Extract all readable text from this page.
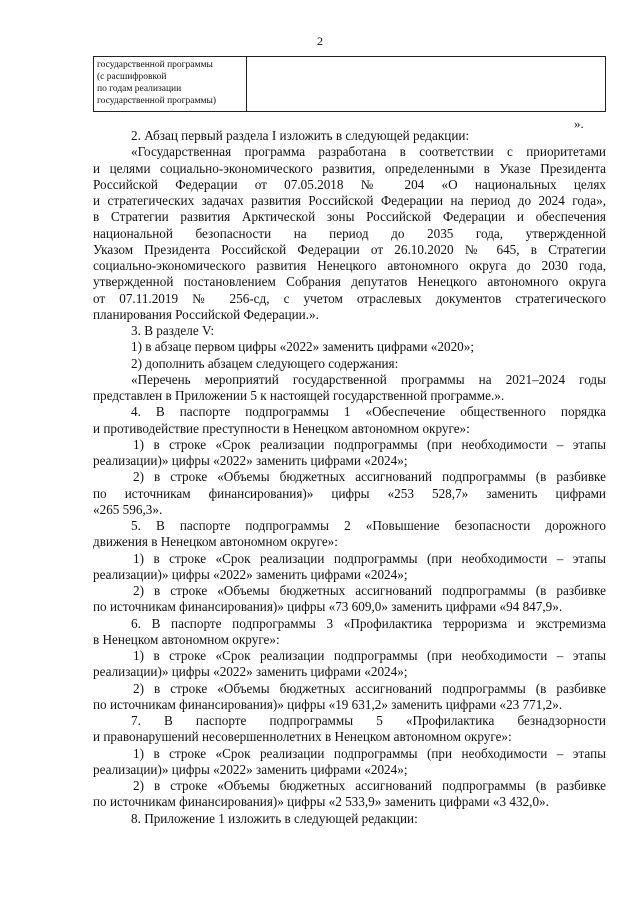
2
государственной программы
(с расшифровкой
по годам реализации
государственной программы)

».
2. Абзац первый раздела I изложить в следующей редакции:
«Государственная программа разработана в соответствии с приоритетами
и целями социально-экономического развития, определенными в Указе Президента
Российской Федерации от 07.05.2018 № 204 «О национальных целях
и стратегических задачах развития Российской Федерации на период до 2024 года»,
в Стратегии развития Арктической зоны Российской Федерации и обеспечения
национальной безопасности на период до 2035 года, утвержденной
Указом Президента Российской Федерации от 26.10.2020 № 645, в Стратегии
социально-экономического развития Ненецкого автономного округа до 2030 года,
утвержденной постановлением Собрания депутатов Ненецкого автономного округа
от 07.11.2019 № 256-сд, с учетом отраслевых документов стратегического
планирования Российской Федерации.».
3. В разделе V:
1) в абзаце первом цифры «2022» заменить цифрами «2020»;
2) дополнить абзацем следующего содержания:
«Перечень мероприятий государственной программы на 2021–2024 годы
представлен в Приложении 5 к настоящей государственной программе.».
4. В паспорте подпрограммы 1 «Обеспечение общественного порядка
и противодействие преступности в Ненецком автономном округе»:
1) в строке «Срок реализации подпрограммы (при необходимости – этапы
реализации)» цифры «2022» заменить цифрами «2024»;
2) в строке «Объемы бюджетных ассигнований подпрограммы (в разбивке
по источникам финансирования)» цифры «253 528,7» заменить цифрами
«265 596,3».
5. В паспорте подпрограммы 2 «Повышение безопасности дорожного
движения в Ненецком автономном округе»:
1) в строке «Срок реализации подпрограммы (при необходимости – этапы
реализации)» цифры «2022» заменить цифрами «2024»;
2) в строке «Объемы бюджетных ассигнований подпрограммы (в разбивке
по источникам финансирования)» цифры «73 609,0» заменить цифрами «94 847,9».
6. В паспорте подпрограммы 3 «Профилактика терроризма и экстремизма
в Ненецком автономном округе»:
1) в строке «Срок реализации подпрограммы (при необходимости – этапы
реализации)» цифры «2022» заменить цифрами «2024»;
2) в строке «Объемы бюджетных ассигнований подпрограммы (в разбивке
по источникам финансирования)» цифры «19 631,2» заменить цифрами «23 771,2».
7. В паспорте подпрограммы 5 «Профилактика безнадзорности
и правонарушений несовершеннолетних в Ненецком автономном округе»:
1) в строке «Срок реализации подпрограммы (при необходимости – этапы
реализации)» цифры «2022» заменить цифрами «2024»;
2) в строке «Объемы бюджетных ассигнований подпрограммы (в разбивке
по источникам финансирования)» цифры «2 533,9» заменить цифрами «3 432,0».
8. Приложение 1 изложить в следующей редакции:
